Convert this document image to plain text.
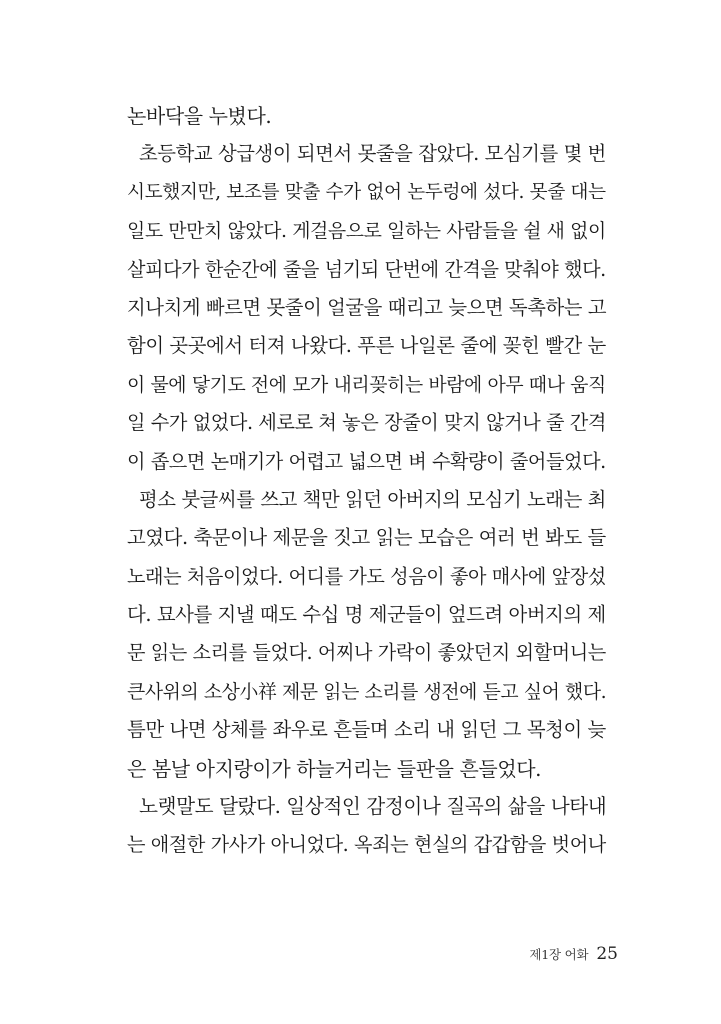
논바닥을 누볐다.
초등학교 상급생이 되면서 못줄을 잡았다. 모심기를 몇 번
시도했지만, 보조를 맞출 수가 없어 논두렁에 섰다. 못줄 대는
일도 만만치 않았다. 게걸음으로 일하는 사람들을 쉴 새 없이
살피다가 한순간에 줄을 넘기되 단번에 간격을 맞춰야 했다.
지나치게 빠르면 못줄이 얼굴을 때리고 늦으면 독촉하는 고
함이 곳곳에서 터져 나왔다. 푸른 나일론 줄에 꽂힌 빨간 눈
이 물에 닿기도 전에 모가 내리꽂히는 바람에 아무 때나 움직
일 수가 없었다. 세로로 쳐 놓은 장줄이 맞지 않거나 줄 간격
이 좁으면 논매기가 어렵고 넓으면 벼 수확량이 줄어들었다.
평소 붓글씨를 쓰고 책만 읽던 아버지의 모심기 노래는 최
고였다. 축문이나 제문을 짓고 읽는 모습은 여러 번 봐도 들
노래는 처음이었다. 어디를 가도 성음이 좋아 매사에 앞장섰
다. 묘사를 지낼 때도 수십 명 제군들이 엎드려 아버지의 제
문 읽는 소리를 들었다. 어찌나 가락이 좋았던지 외할머니는
큰사위의 소상小祥 제문 읽는 소리를 생전에 듣고 싶어 했다.
틈만 나면 상체를 좌우로 흔들며 소리 내 읽던 그 목청이 늦
은 봄날 아지랑이가 하늘거리는 들판을 흔들었다.
노랫말도 달랐다. 일상적인 감정이나 질곡의 삶을 나타내
는 애절한 가사가 아니었다. 옥죄는 현실의 갑갑함을 벗어나
제1장 어화 25
